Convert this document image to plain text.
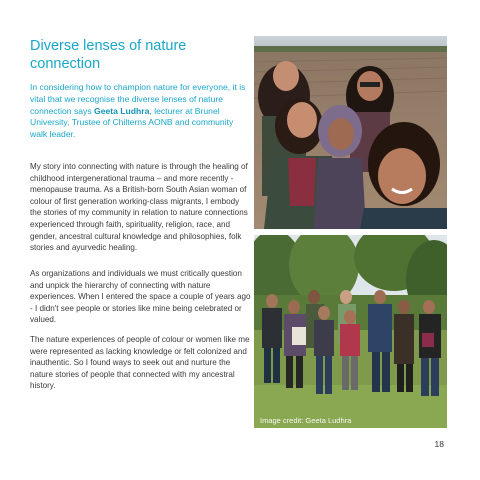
Diverse lenses of nature connection

In considering how to champion nature for everyone, it is vital that we recognise the diverse lenses of nature connection says Geeta Ludhra, lecturer at Brunel University, Trustee of Chilterns AONB and community walk leader.

My story into connecting with nature is through the healing of childhood intergenerational trauma – and more recently - menopause trauma. As a British-born South Asian woman of colour of first generation working-class migrants, I embody the stories of my community in relation to nature connections experienced through faith, spirituality, religion, race, and gender, ancestral cultural knowledge and philosophies, folk stories and ayurvedic healing.

As organizations and individuals we must critically question and unpick the hierarchy of connecting with nature experiences. When I entered the space a couple of years ago - I didn't see people or stories like mine being celebrated or valued.

The nature experiences of people of colour or women like me were represented as lacking knowledge or felt colonized and inauthentic. So I found ways to seek out and nurture the nature stories of people that connected with my ancestral history.

Image credit: Geeta Ludhra
18
